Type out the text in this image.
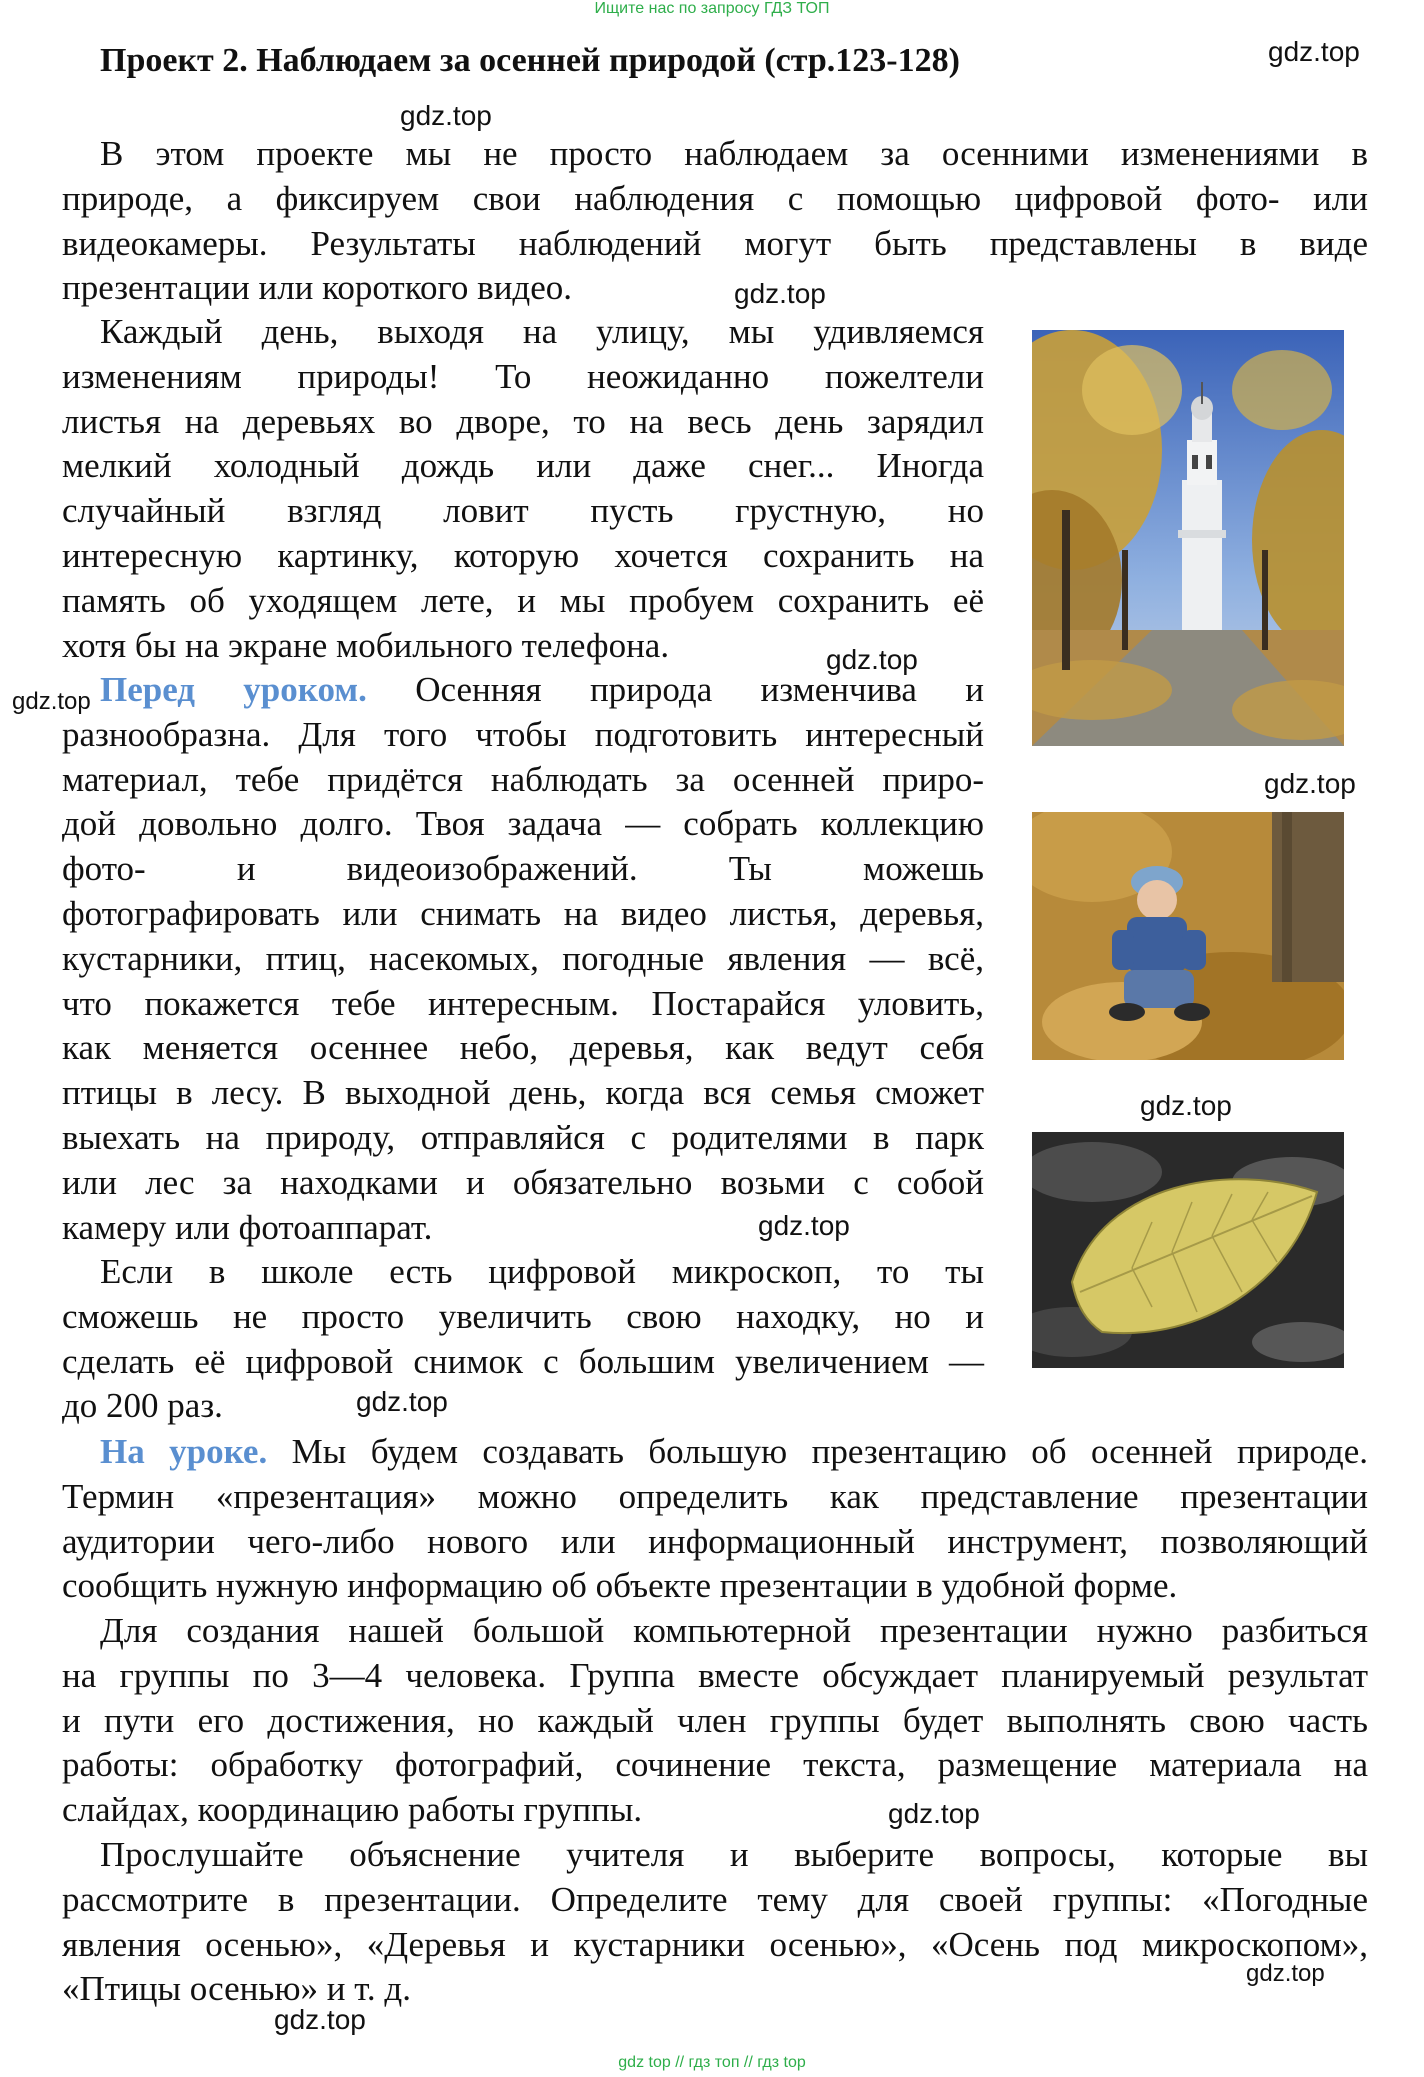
Ищите нас по запросу ГДЗ ТОП
Проект 2. Наблюдаем за осенней природой (стр.123-128)	gdz.top
gdz.top
gdz.top
gdz.top
gdz.top
gdz.top
gdz.top
gdz.top
gdz.top
gdz.top
gdz.top
gdz.top
В этом проекте мы не просто наблюдаем за осенними изменениями в
природе, а фиксируем свои наблюдения с помощью цифровой фото- или
видеокамеры. Результаты наблюдений могут быть представлены в виде
презентации или короткого видео.
Каждый день, выходя на улицу, мы удивляемся
изменениям природы! То неожиданно пожелтели
листья на деревьях во дворе, то на весь день зарядил
мелкий холодный дождь или даже снег... Иногда
случайный взгляд ловит пусть грустную, но
интересную картинку, которую хочется сохранить на
память об уходящем лете, и мы пробуем сохранить её
хотя бы на экране мобильного телефона.
Перед уроком. Осенняя природа изменчива и
разнообразна. Для того чтобы подготовить интересный
материал, тебе придётся наблюдать за осенней приро-
дой довольно долго. Твоя задача — собрать коллекцию
фото- и видеоизображений. Ты можешь
фотографировать или снимать на видео листья, деревья,
кустарники, птиц, насекомых, погодные явления — всё,
что покажется тебе интересным. Постарайся уловить,
как меняется осеннее небо, деревья, как ведут себя
птицы в лесу. В выходной день, когда вся семья сможет
выехать на природу, отправляйся с родителями в парк
или лес за находками и обязательно возьми с собой
камеру или фотоаппарат.
Если в школе есть цифровой микроскоп, то ты
сможешь не просто увеличить свою находку, но и
сделать её цифровой снимок с большим увеличением —
до 200 раз.
На уроке. Мы будем создавать большую презентацию об осенней природе.
Термин «презентация» можно определить как представление презентации
аудитории чего-либо нового или информационный инструмент, позволяющий
сообщить нужную информацию об объекте презентации в удобной форме.
Для создания нашей большой компьютерной презентации нужно разбиться
на группы по 3—4 человека. Группа вместе обсуждает планируемый результат
и пути его достижения, но каждый член группы будет выполнять свою часть
работы: обработку фотографий, сочинение текста, размещение материала на
слайдах, координацию работы группы.
Прослушайте объяснение учителя и выберите вопросы, которые вы
рассмотрите в презентации. Определите тему для своей группы: «Погодные
явления осенью», «Деревья и кустарники осенью», «Осень под микроскопом»,
«Птицы осенью» и т. д.
gdz top // гдз топ // гдз top
